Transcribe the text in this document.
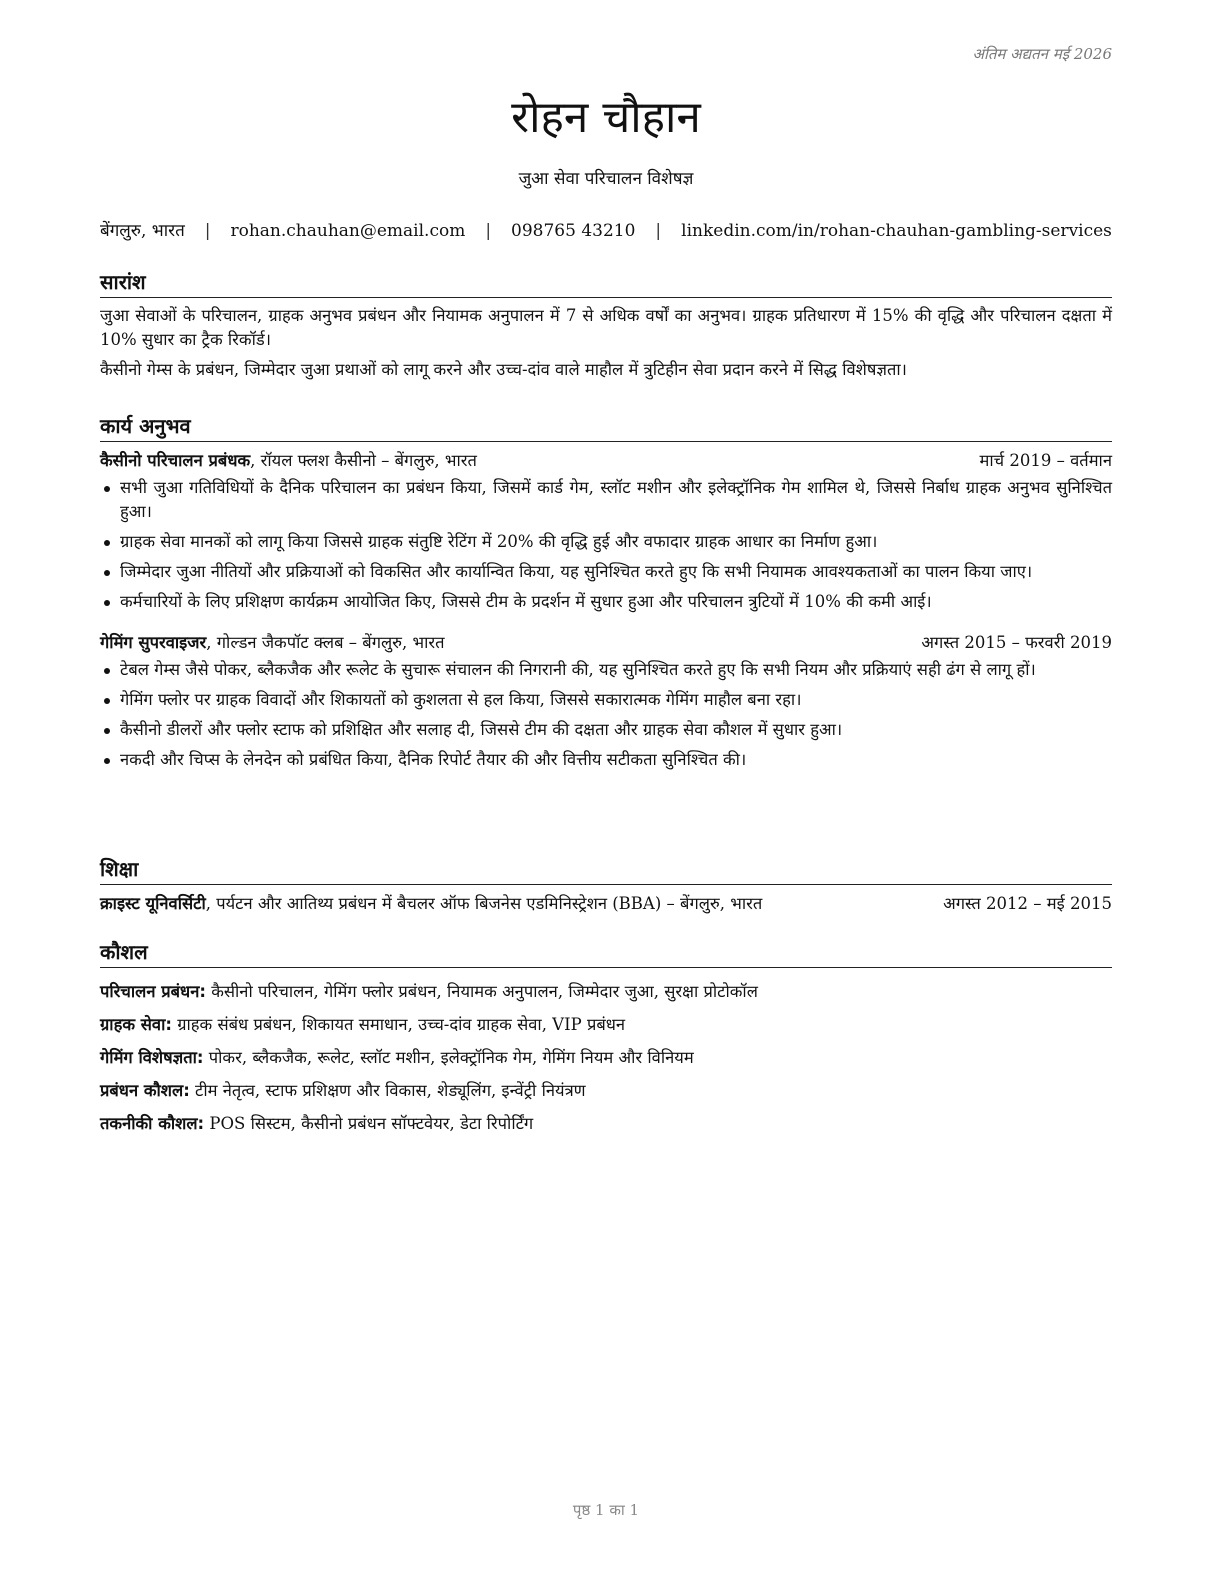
अंतिम अद्यतन मई 2026
रोहन चौहान
जुआ सेवा परिचालन विशेषज्ञ
बेंगलुरु, भारत | rohan.chauhan@email.com | 098765 43210 | linkedin.com/in/rohan-chauhan-gambling-services
सारांश

जुआ सेवाओं के परिचालन, ग्राहक अनुभव प्रबंधन और नियामक अनुपालन में 7 से अधिक वर्षों का अनुभव। ग्राहक प्रतिधारण में 15% की वृद्धि और परिचालन दक्षता में 10% सुधार का ट्रैक रिकॉर्ड।

कैसीनो गेम्स के प्रबंधन, जिम्मेदार जुआ प्रथाओं को लागू करने और उच्च-दांव वाले माहौल में त्रुटिहीन सेवा प्रदान करने में सिद्ध विशेषज्ञता।

कार्य अनुभव
कैसीनो परिचालन प्रबंधक, रॉयल फ्लश कैसीनो – बेंगलुरु, भारत	मार्च 2019 – वर्तमान
सभी जुआ गतिविधियों के दैनिक परिचालन का प्रबंधन किया, जिसमें कार्ड गेम, स्लॉट मशीन और इलेक्ट्रॉनिक गेम शामिल थे, जिससे निर्बाध ग्राहक अनुभव सुनिश्चित हुआ।
ग्राहक सेवा मानकों को लागू किया जिससे ग्राहक संतुष्टि रेटिंग में 20% की वृद्धि हुई और वफादार ग्राहक आधार का निर्माण हुआ।
जिम्मेदार जुआ नीतियों और प्रक्रियाओं को विकसित और कार्यान्वित किया, यह सुनिश्चित करते हुए कि सभी नियामक आवश्यकताओं का पालन किया जाए।
कर्मचारियों के लिए प्रशिक्षण कार्यक्रम आयोजित किए, जिससे टीम के प्रदर्शन में सुधार हुआ और परिचालन त्रुटियों में 10% की कमी आई।
गेमिंग सुपरवाइजर, गोल्डन जैकपॉट क्लब – बेंगलुरु, भारत	अगस्त 2015 – फरवरी 2019
टेबल गेम्स जैसे पोकर, ब्लैकजैक और रूलेट के सुचारू संचालन की निगरानी की, यह सुनिश्चित करते हुए कि सभी नियम और प्रक्रियाएं सही ढंग से लागू हों।
गेमिंग फ्लोर पर ग्राहक विवादों और शिकायतों को कुशलता से हल किया, जिससे सकारात्मक गेमिंग माहौल बना रहा।
कैसीनो डीलरों और फ्लोर स्टाफ को प्रशिक्षित और सलाह दी, जिससे टीम की दक्षता और ग्राहक सेवा कौशल में सुधार हुआ।
नकदी और चिप्स के लेनदेन को प्रबंधित किया, दैनिक रिपोर्ट तैयार की और वित्तीय सटीकता सुनिश्चित की।
शिक्षा
क्राइस्ट यूनिवर्सिटी, पर्यटन और आतिथ्य प्रबंधन में बैचलर ऑफ बिजनेस एडमिनिस्ट्रेशन (BBA) – बेंगलुरु, भारत	अगस्त 2012 – मई 2015
कौशल
परिचालन प्रबंधन: कैसीनो परिचालन, गेमिंग फ्लोर प्रबंधन, नियामक अनुपालन, जिम्मेदार जुआ, सुरक्षा प्रोटोकॉल
ग्राहक सेवा: ग्राहक संबंध प्रबंधन, शिकायत समाधान, उच्च-दांव ग्राहक सेवा, VIP प्रबंधन
गेमिंग विशेषज्ञता: पोकर, ब्लैकजैक, रूलेट, स्लॉट मशीन, इलेक्ट्रॉनिक गेम, गेमिंग नियम और विनियम
प्रबंधन कौशल: टीम नेतृत्व, स्टाफ प्रशिक्षण और विकास, शेड्यूलिंग, इन्वेंट्री नियंत्रण
तकनीकी कौशल: POS सिस्टम, कैसीनो प्रबंधन सॉफ्टवेयर, डेटा रिपोर्टिंग
पृष्ठ 1 का 1
